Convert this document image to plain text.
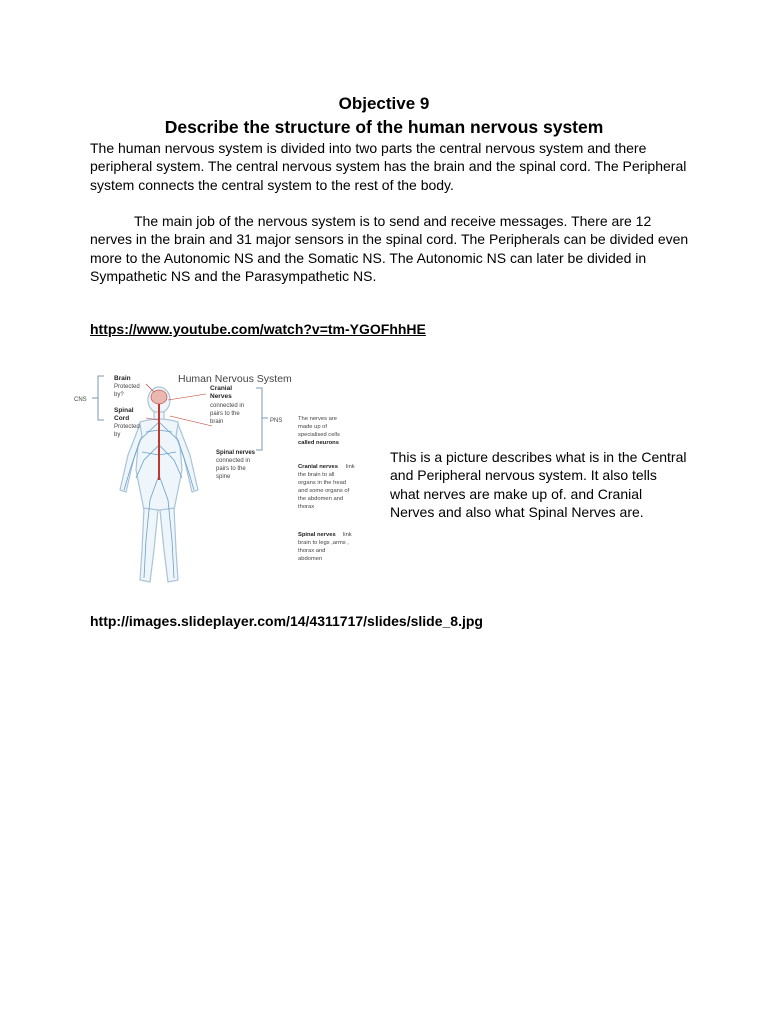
Objective 9
Describe the structure of the human nervous system

The human nervous system is divided into two parts the central nervous system and there peripheral system. The central nervous system has the brain and the spinal cord. The Peripheral system connects the central system to the rest of the body.

The main job of the nervous system is to send and receive messages. There are 12 nerves in the brain and 31 major sensors in the spinal cord. The Peripherals can be divided even more to the Autonomic NS and the Somatic NS. The Autonomic NS can later be divided in Sympathetic NS and the Parasympathetic NS.

https://www.youtube.com/watch?v=tm-YGOFhhHE
Human Nervous System
CNS
PNS
Brain
Protected
by?
Spinal
Cord
Protected
by
Cranial
Nerves
connected in
pairs to the
brain
Spinal nerves
connected in
pairs to the
spine
The nerves are
made up of
specialised cells
called neurons
Cranial nerves link
the brain to all
organs in the head
and some organs of
the abdomen and
thorax
Spinal nerves link
brain to legs ,arms ,
thorax and
abdomen

This is a picture describes what is in the Central and Peripheral nervous system. It also tells what nerves are make up of. and Cranial Nerves and also what Spinal Nerves are.

http://images.slideplayer.com/14/4311717/slides/slide_8.jpg
